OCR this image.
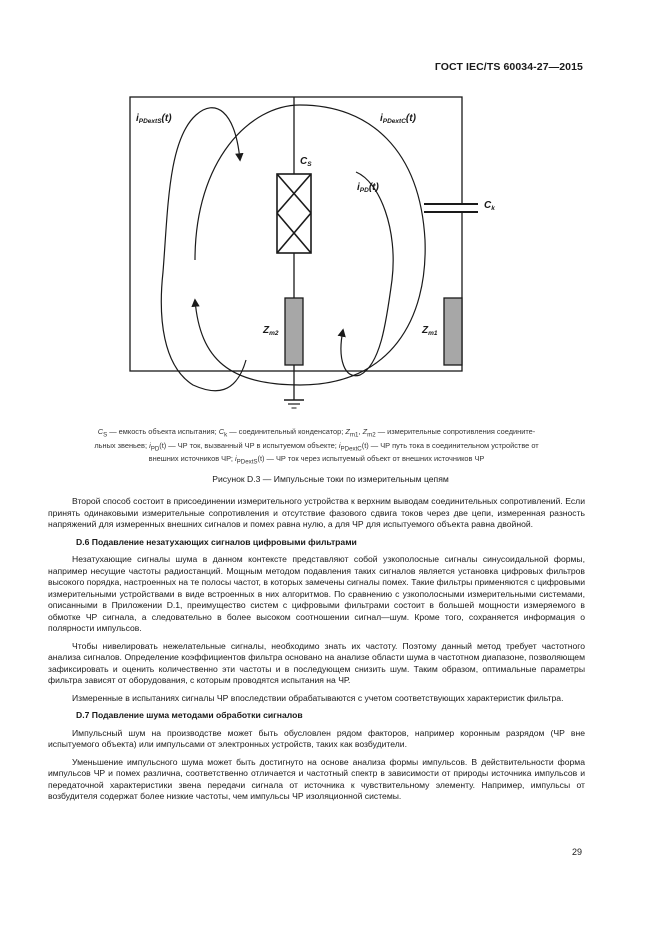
ГОСТ IEC/TS 60034-27—2015
$i_{PDextS}(t)$	$i_{PDextC}(t)$
$i_{PD}(t)$
$C_S$
$C_k$
$Z_{m2}$	$Z_{m1}$
$C_S$ — емкость объекта испытания; $C_k$ — соединительный конденсатор; $Z_{m1}$, $Z_{m2}$ — измерительные сопротивления соедините-
льных звеньев; $i_{PD}(t)$ — ЧР ток, вызванный ЧР в испытуемом объекте; $i_{PDextC}(t)$ — ЧР путь тока в соединительном устройстве от
внешних источников ЧР; $i_{PDextS}(t)$ — ЧР ток через испытуемый объект от внешних источников ЧР
Рисунок D.3 — Импульсные токи по измерительным цепям

Второй способ состоит в присоединении измерительного устройства к верхним выводам соединительных сопротивлений. Если принять одинаковыми измерительные сопротивления и отсутствие фазового сдвига токов через две цепи, измеренная разность напряжений для измеренных внешних сигналов и помех равна нулю, а для ЧР для испытуемого объекта равна двойной.

D.6 Подавление незатухающих сигналов цифровыми фильтрами

Незатухающие сигналы шума в данном контексте представляют собой узкополосные сигналы синусоидальной формы, например несущие частоты радиостанций. Мощным методом подавления таких сигналов является установка цифровых фильтров высокого порядка, настроенных на те полосы частот, в которых замечены сигналы помех. Такие фильтры применяются с цифровыми измерительными устройствами в виде встроенных в них алгоритмов. По сравнению с узкополосными измерительными системами, описанными в Приложении D.1, преимущество систем с цифровыми фильтрами состоит в большей мощности измеряемого в обмотке ЧР сигнала, а следовательно в более высоком соотношении сигнал—шум. Кроме того, сохраняется информация о полярности импульсов.

Чтобы нивелировать нежелательные сигналы, необходимо знать их частоту. Поэтому данный метод требует частотного анализа сигналов. Определение коэффициентов фильтра основано на анализе области шума в частотном диапазоне, позволяющем зафиксировать и оценить количественно эти частоты и в последующем снизить шум. Таким образом, оптимальные параметры фильтра зависят от оборудования, с которым проводятся испытания на ЧР.

Измеренные в испытаниях сигналы ЧР впоследствии обрабатываются с учетом соответствующих характеристик фильтра.

D.7 Подавление шума методами обработки сигналов

Импульсный шум на производстве может быть обусловлен рядом факторов, например коронным разрядом (ЧР вне испытуемого объекта) или импульсами от электронных устройств, таких как возбудители.

Уменьшение импульсного шума может быть достигнуто на основе анализа формы импульсов. В действительности форма импульсов ЧР и помех различна, соответственно отличается и частотный спектр в зависимости от природы источника импульсов и передаточной характеристики звена передачи сигнала от источника к чувствительному элементу. Например, импульсы от возбудителя содержат более низкие частоты, чем импульсы ЧР изоляционной системы.

29
